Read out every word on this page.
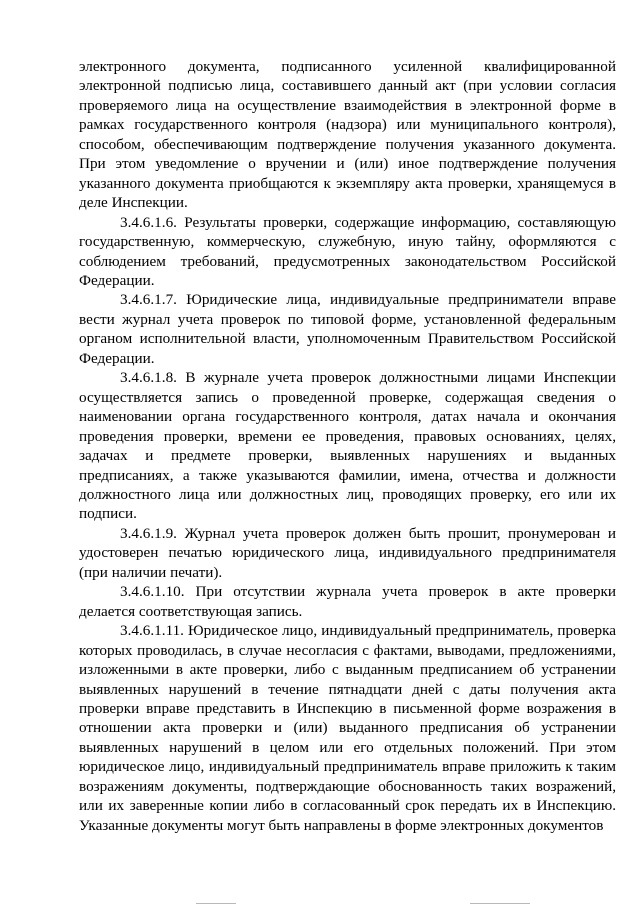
электронного документа, подписанного усиленной квалифицированной электронной подписью лица, составившего данный акт (при условии согласия проверяемого лица на осуществление взаимодействия в электронной форме в рамках государственного контроля (надзора) или муниципального контроля), способом, обеспечивающим подтверждение получения указанного документа. При этом уведомление о вручении и (или) иное подтверждение получения указанного документа приобщаются к экземпляру акта проверки, хранящемуся в деле Инспекции.

3.4.6.1.6. Результаты проверки, содержащие информацию, составляющую государственную, коммерческую, служебную, иную тайну, оформляются с соблюдением требований, предусмотренных законодательством Российской Федерации.

3.4.6.1.7. Юридические лица, индивидуальные предприниматели вправе вести журнал учета проверок по типовой форме, установленной федеральным органом исполнительной власти, уполномоченным Правительством Российской Федерации.

3.4.6.1.8. В журнале учета проверок должностными лицами Инспекции осуществляется запись о проведенной проверке, содержащая сведения о наименовании органа государственного контроля, датах начала и окончания проведения проверки, времени ее проведения, правовых основаниях, целях, задачах и предмете проверки, выявленных нарушениях и выданных предписаниях, а также указываются фамилии, имена, отчества и должности должностного лица или должностных лиц, проводящих проверку, его или их подписи.

3.4.6.1.9. Журнал учета проверок должен быть прошит, пронумерован и удостоверен печатью юридического лица, индивидуального предпринимателя (при наличии печати).

3.4.6.1.10. При отсутствии журнала учета проверок в акте проверки делается соответствующая запись.

3.4.6.1.11. Юридическое лицо, индивидуальный предприниматель, проверка которых проводилась, в случае несогласия с фактами, выводами, предложениями, изложенными в акте проверки, либо с выданным предписанием об устранении выявленных нарушений в течение пятнадцати дней с даты получения акта проверки вправе представить в Инспекцию в письменной форме возражения в отношении акта проверки и (или) выданного предписания об устранении выявленных нарушений в целом или его отдельных положений. При этом юридическое лицо, индивидуальный предприниматель вправе приложить к таким возражениям документы, подтверждающие обоснованность таких возражений, или их заверенные копии либо в согласованный срок передать их в Инспекцию. Указанные документы могут быть направлены в форме электронных документов
